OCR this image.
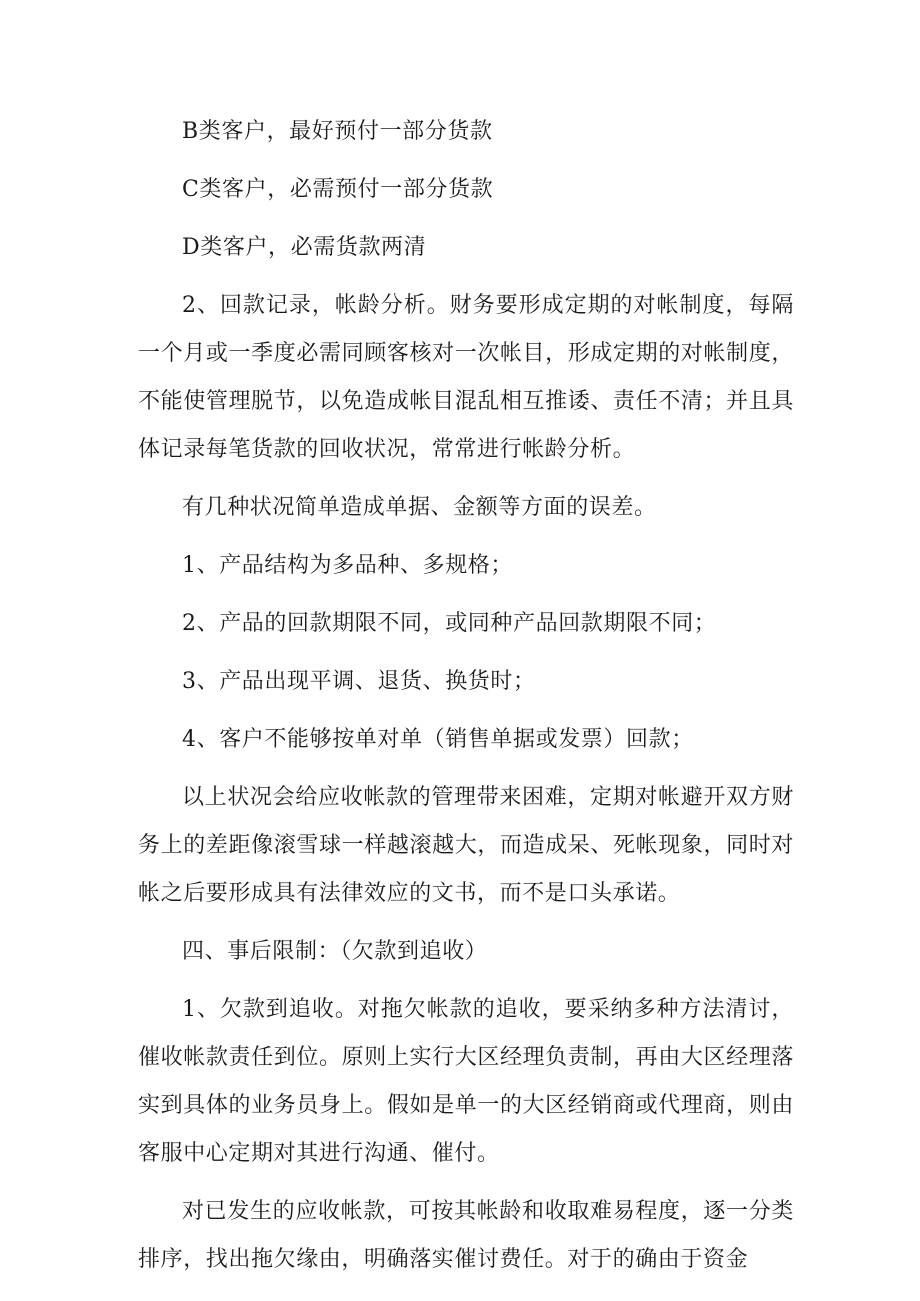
B类客户，最好预付一部分货款

C类客户，必需预付一部分货款

D类客户，必需货款两清

2、回款记录，帐龄分析。财务要形成定期的对帐制度，每隔一个月或一季度必需同顾客核对一次帐目，形成定期的对帐制度，不能使管理脱节，以免造成帐目混乱相互推诿、责任不清；并且具体记录每笔货款的回收状况，常常进行帐龄分析。

有几种状况简单造成单据、金额等方面的误差。

1、产品结构为多品种、多规格；

2、产品的回款期限不同，或同种产品回款期限不同；

3、产品出现平调、退货、换货时；

4、客户不能够按单对单（销售单据或发票）回款；

以上状况会给应收帐款的管理带来困难，定期对帐避开双方财务上的差距像滚雪球一样越滚越大，而造成呆、死帐现象，同时对帐之后要形成具有法律效应的文书，而不是口头承诺。

四、事后限制：（欠款到追收）

1、欠款到追收。对拖欠帐款的追收，要采纳多种方法清讨，催收帐款责任到位。原则上实行大区经理负责制，再由大区经理落实到具体的业务员身上。假如是单一的大区经销商或代理商，则由客服中心定期对其进行沟通、催付。

对已发生的应收帐款，可按其帐龄和收取难易程度，逐一分类排序，找出拖欠缘由，明确落实催讨费任。对于的确由于资金
